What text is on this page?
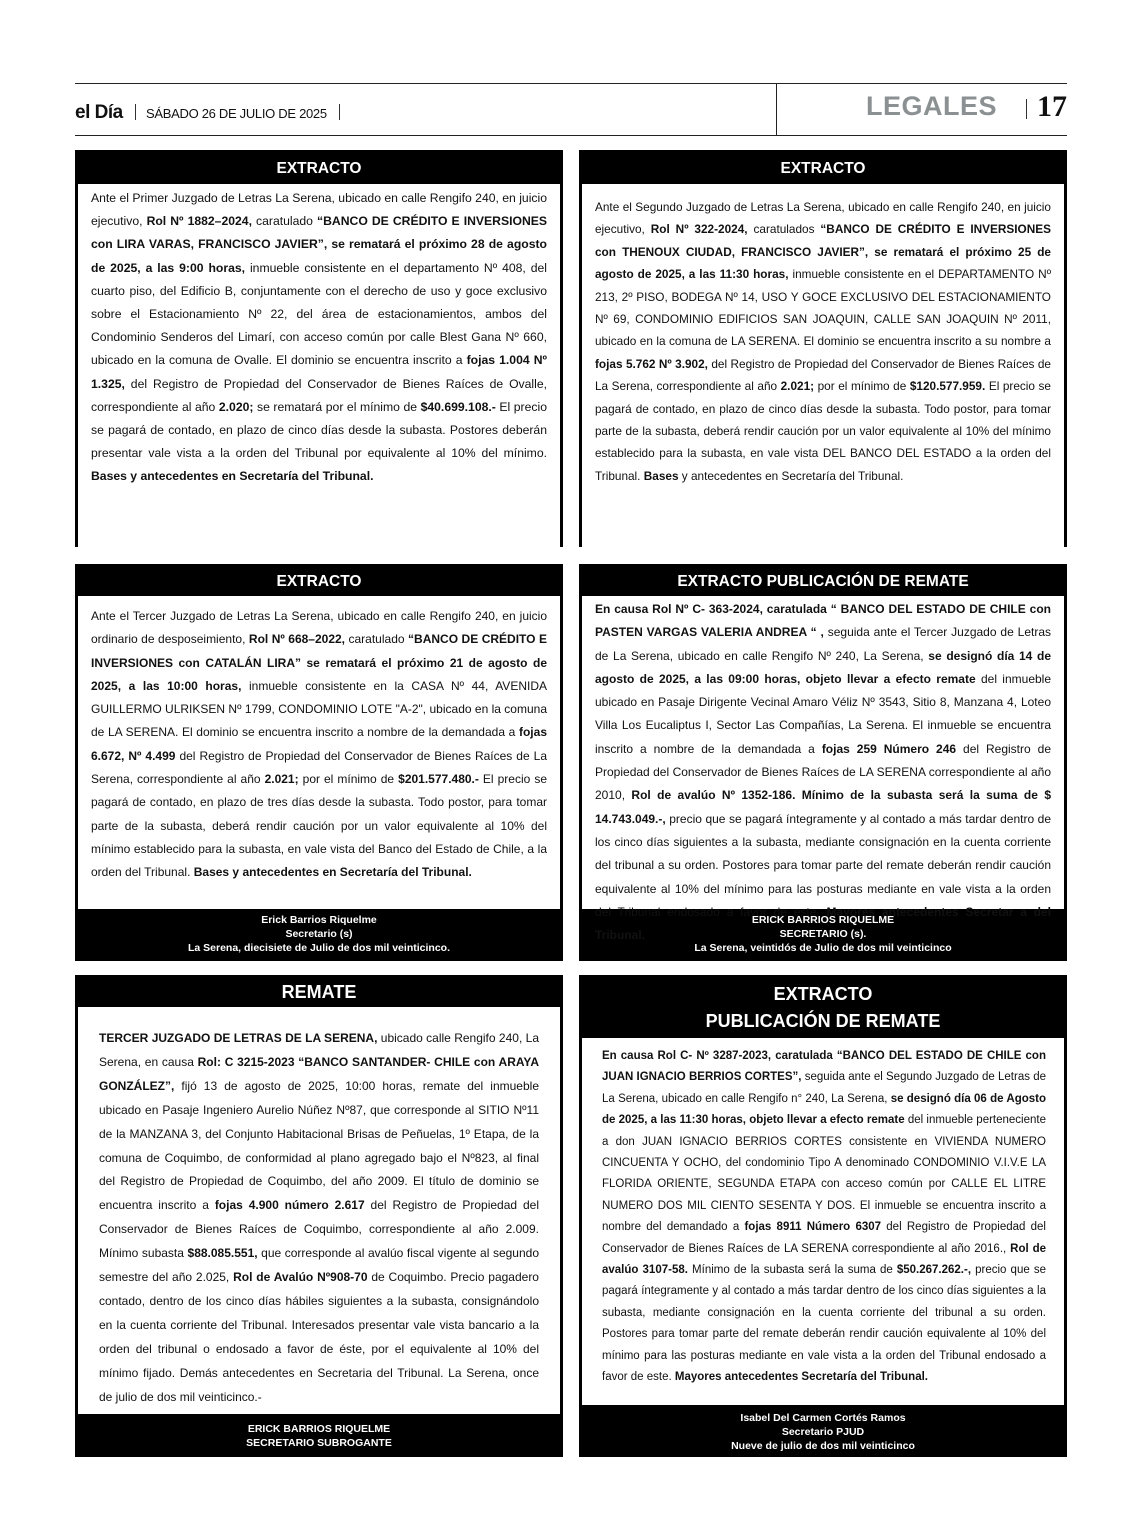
el Día SÁBADO 26 DE JULIO DE 2025	LEGALES 17
EXTRACTO
Ante el Primer Juzgado de Letras La Serena, ubicado en calle Rengifo 240, en juicio ejecutivo, Rol Nº 1882–2024, caratulado “BANCO DE CRÉDITO E INVERSIONES con LIRA VARAS, FRANCISCO JAVIER”, se rematará el próximo 28 de agosto de 2025, a las 9:00 horas, inmueble consistente en el departamento Nº 408, del cuarto piso, del Edificio B, conjuntamente con el derecho de uso y goce exclusivo sobre el Estacionamiento Nº 22, del área de estacionamientos, ambos del Condominio Senderos del Limarí, con acceso común por calle Blest Gana Nº 660, ubicado en la comuna de Ovalle. El dominio se encuentra inscrito a fojas 1.004 Nº 1.325, del Registro de Propiedad del Conservador de Bienes Raíces de Ovalle, correspondiente al año 2.020; se rematará por el mínimo de $40.699.108.- El precio se pagará de contado, en plazo de cinco días desde la subasta. Postores deberán presentar vale vista a la orden del Tribunal por equivalente al 10% del mínimo. Bases y antecedentes en Secretaría del Tribunal.
Ingrid Marlene Ebner Rojas
Secretario PJUD
Diecinueve de julio de dos mil veinticinco
EXTRACTO
Ante el Segundo Juzgado de Letras La Serena, ubicado en calle Rengifo 240, en juicio ejecutivo, Rol Nº 322-2024, caratulados “BANCO DE CRÉDITO E INVERSIONES con THENOUX CIUDAD, FRANCISCO JAVIER”, se rematará el próximo 25 de agosto de 2025, a las 11:30 horas, inmueble consistente en el DEPARTAMENTO Nº 213, 2º PISO, BODEGA Nº 14, USO Y GOCE EXCLUSIVO DEL ESTACIONAMIENTO Nº 69, CONDOMINIO EDIFICIOS SAN JOAQUIN, CALLE SAN JOAQUIN Nº 2011, ubicado en la comuna de LA SERENA. El dominio se encuentra inscrito a su nombre a fojas 5.762 Nº 3.902, del Registro de Propiedad del Conservador de Bienes Raíces de La Serena, correspondiente al año 2.021; por el mínimo de $120.577.959. El precio se pagará de contado, en plazo de cinco días desde la subasta. Todo postor, para tomar parte de la subasta, deberá rendir caución por un valor equivalente al 10% del mínimo establecido para la subasta, en vale vista DEL BANCO DEL ESTADO a la orden del Tribunal. Bases y antecedentes en Secretaría del Tribunal.
Isabel del Carmen Cortés Ramos
Secretario PJUD
Veintiuno de julio de dos mil veinticinco
EXTRACTO
Ante el Tercer Juzgado de Letras La Serena, ubicado en calle Rengifo 240, en juicio ordinario de desposeimiento, Rol Nº 668–2022, caratulado “BANCO DE CRÉDITO E INVERSIONES con CATALÁN LIRA” se rematará el próximo 21 de agosto de 2025, a las 10:00 horas, inmueble consistente en la CASA Nº 44, AVENIDA GUILLERMO ULRIKSEN Nº 1799, CONDOMINIO LOTE "A-2", ubicado en la comuna de LA SERENA. El dominio se encuentra inscrito a nombre de la demandada a fojas 6.672, Nº 4.499 del Registro de Propiedad del Conservador de Bienes Raíces de La Serena, correspondiente al año 2.021; por el mínimo de $201.577.480.- El precio se pagará de contado, en plazo de tres días desde la subasta. Todo postor, para tomar parte de la subasta, deberá rendir caución por un valor equivalente al 10% del mínimo establecido para la subasta, en vale vista del Banco del Estado de Chile, a la orden del Tribunal. Bases y antecedentes en Secretaría del Tribunal.
Erick Barrios Riquelme
Secretario (s)
La Serena, diecisiete de Julio de dos mil veinticinco.
EXTRACTO PUBLICACIÓN DE REMATE
En causa Rol Nº C- 363-2024, caratulada “ BANCO DEL ESTADO DE CHILE con PASTEN VARGAS VALERIA ANDREA “ , seguida ante el Tercer Juzgado de Letras de La Serena, ubicado en calle Rengifo Nº 240, La Serena, se designó día 14 de agosto de 2025, a las 09:00 horas, objeto llevar a efecto remate del inmueble ubicado en Pasaje Dirigente Vecinal Amaro Véliz Nº 3543, Sitio 8, Manzana 4, Loteo Villa Los Eucaliptus I, Sector Las Compañías, La Serena. El inmueble se encuentra inscrito a nombre de la demandada a fojas 259 Número 246 del Registro de Propiedad del Conservador de Bienes Raíces de LA SERENA correspondiente al año 2010, Rol de avalúo Nº 1352-186. Mínimo de la subasta será la suma de $ 14.743.049.-, precio que se pagará íntegramente y al contado a más tardar dentro de los cinco días siguientes a la subasta, mediante consignación en la cuenta corriente del tribunal a su orden. Postores para tomar parte del remate deberán rendir caución equivalente al 10% del mínimo para las posturas mediante en vale vista a la orden del Tribunal endosado a favor de este. Mayores antecedentes Secretar a del Tribunal.
ERICK BARRIOS RIQUELME
SECRETARIO (s).
La Serena, veintidós de Julio de dos mil veinticinco
REMATE
TERCER JUZGADO DE LETRAS DE LA SERENA, ubicado calle Rengifo 240, La Serena, en causa Rol: C 3215-2023 “BANCO SANTANDER- CHILE con ARAYA GONZÁLEZ”, fijó 13 de agosto de 2025, 10:00 horas, remate del inmueble ubicado en Pasaje Ingeniero Aurelio Núñez Nº87, que corresponde al SITIO Nº11 de la MANZANA 3, del Conjunto Habitacional Brisas de Peñuelas, 1º Etapa, de la comuna de Coquimbo, de conformidad al plano agregado bajo el Nº823, al final del Registro de Propiedad de Coquimbo, del año 2009. El título de dominio se encuentra inscrito a fojas 4.900 número 2.617 del Registro de Propiedad del Conservador de Bienes Raíces de Coquimbo, correspondiente al año 2.009. Mínimo subasta $88.085.551, que corresponde al avalúo fiscal vigente al segundo semestre del año 2.025, Rol de Avalúo Nº908-70 de Coquimbo. Precio pagadero contado, dentro de los cinco días hábiles siguientes a la subasta, consignándolo en la cuenta corriente del Tribunal. Interesados presentar vale vista bancario a la orden del tribunal o endosado a favor de éste, por el equivalente al 10% del mínimo fijado. Demás antecedentes en Secretaria del Tribunal. La Serena, once de julio de dos mil veinticinco.-
ERICK BARRIOS RIQUELME
SECRETARIO SUBROGANTE
EXTRACTO
PUBLICACIÓN DE REMATE
En causa Rol C- Nº 3287-2023, caratulada “BANCO DEL ESTADO DE CHILE con JUAN IGNACIO BERRIOS CORTES”, seguida ante el Segundo Juzgado de Letras de La Serena, ubicado en calle Rengifo n° 240, La Serena, se designó día 06 de Agosto de 2025, a las 11:30 horas, objeto llevar a efecto remate del inmueble perteneciente a don JUAN IGNACIO BERRIOS CORTES consistente en VIVIENDA NUMERO CINCUENTA Y OCHO, del condominio Tipo A denominado CONDOMINIO V.I.V.E LA FLORIDA ORIENTE, SEGUNDA ETAPA con acceso común por CALLE EL LITRE NUMERO DOS MIL CIENTO SESENTA Y DOS. El inmueble se encuentra inscrito a nombre del demandado a fojas 8911 Número 6307 del Registro de Propiedad del Conservador de Bienes Raíces de LA SERENA correspondiente al año 2016., Rol de avalúo 3107-58. Mínimo de la subasta será la suma de $50.267.262.-, precio que se pagará íntegramente y al contado a más tardar dentro de los cinco días siguientes a la subasta, mediante consignación en la cuenta corriente del tribunal a su orden. Postores para tomar parte del remate deberán rendir caución equivalente al 10% del mínimo para las posturas mediante en vale vista a la orden del Tribunal endosado a favor de este. Mayores antecedentes Secretaría del Tribunal.
Isabel Del Carmen Cortés Ramos
Secretario PJUD
Nueve de julio de dos mil veinticinco
